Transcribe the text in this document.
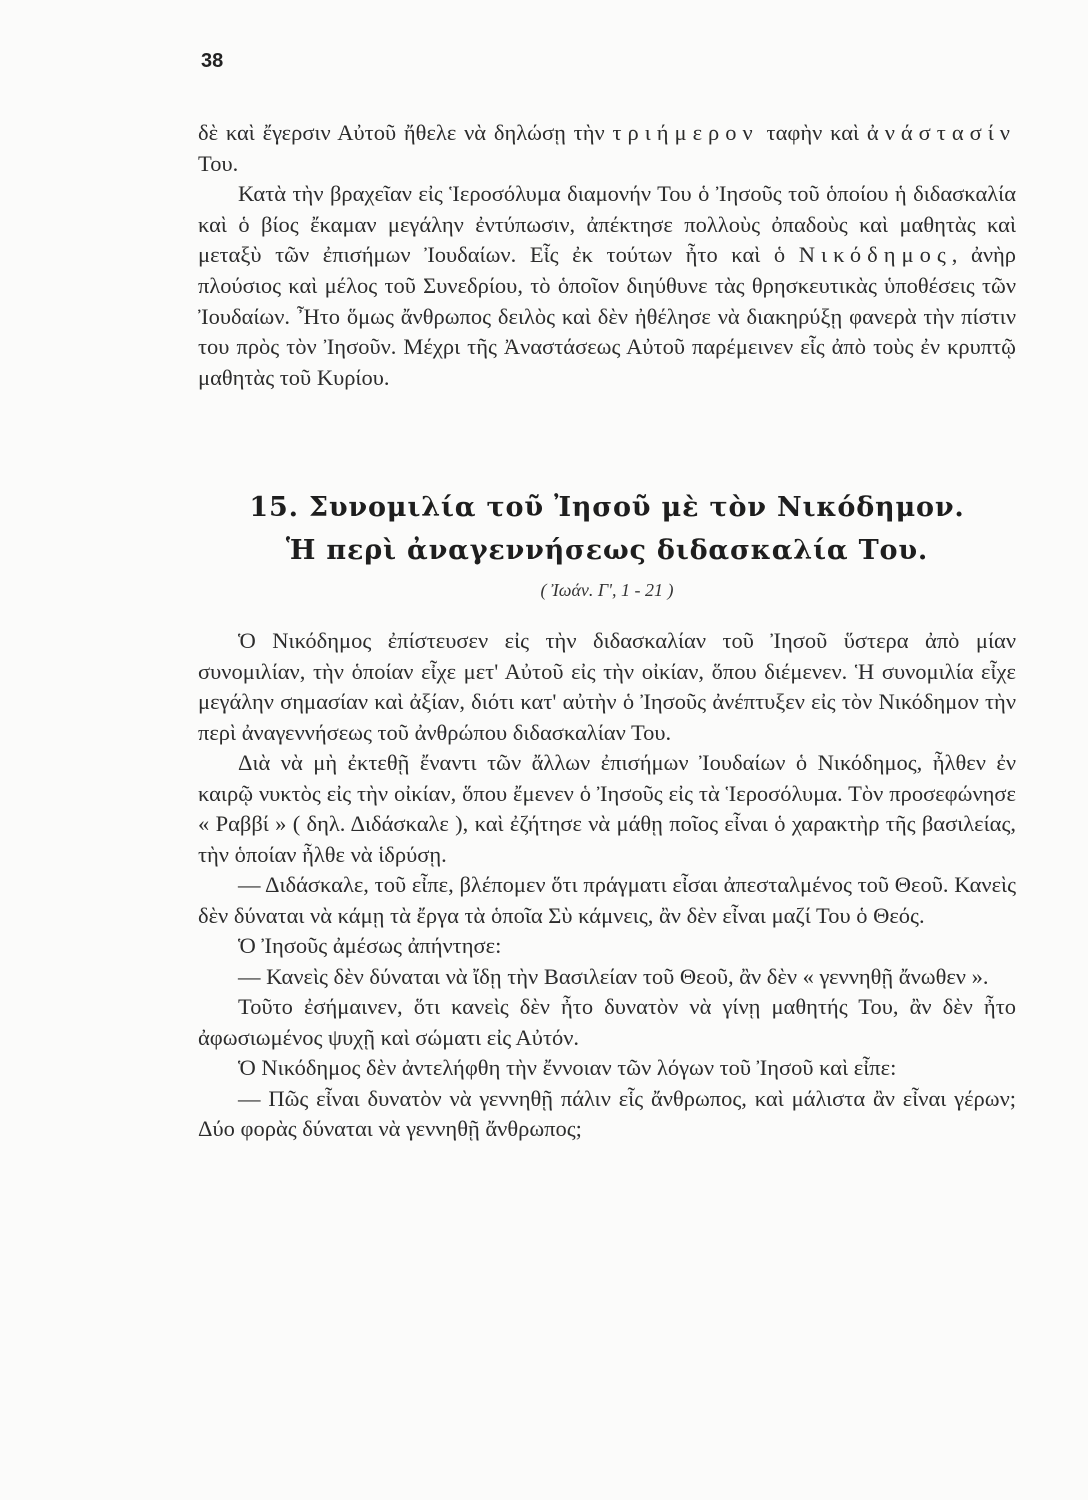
38

δὲ καὶ ἔγερσιν Αὐτοῦ ἤθελε νὰ δηλώσῃ τὴν τριήμερον ταφὴν καὶ ἀνάστασίν Του.

Κατὰ τὴν βραχεῖαν εἰς Ἱεροσόλυμα διαμονήν Του ὁ Ἰησοῦς τοῦ ὁποίου ἡ διδασκαλία καὶ ὁ βίος ἔκαμαν μεγάλην ἐντύπωσιν, ἀπέκτησε πολλοὺς ὀπαδοὺς καὶ μαθητὰς καὶ μεταξὺ τῶν ἐπισήμων Ἰουδαίων. Εἷς ἐκ τούτων ἦτο καὶ ὁ Νικόδημος, ἀνὴρ πλούσιος καὶ μέλος τοῦ Συνεδρίου, τὸ ὁποῖον διηύθυνε τὰς θρησκευτικὰς ὑποθέσεις τῶν Ἰουδαίων. Ἦτο ὅμως ἄνθρωπος δειλὸς καὶ δὲν ἠθέλησε νὰ διακηρύξῃ φανερὰ τὴν πίστιν του πρὸς τὸν Ἰησοῦν. Μέχρι τῆς Ἀναστάσεως Αὐτοῦ παρέμεινεν εἷς ἀπὸ τοὺς ἐν κρυπτῷ μαθητὰς τοῦ Κυρίου.

15. Συνομιλία τοῦ Ἰησοῦ μὲ τὸν Νικόδημον.
Ἡ περὶ ἀναγεννήσεως διδασκαλία Του.
( Ἰωάν. Γ', 1 - 21 )

Ὁ Νικόδημος ἐπίστευσεν εἰς τὴν διδασκαλίαν τοῦ Ἰησοῦ ὕστερα ἀπὸ μίαν συνομιλίαν, τὴν ὁποίαν εἶχε μετ' Αὐτοῦ εἰς τὴν οἰκίαν, ὅπου διέμενεν. Ἡ συνομιλία εἶχε μεγάλην σημασίαν καὶ ἀξίαν, διότι κατ' αὐτὴν ὁ Ἰησοῦς ἀνέπτυξεν εἰς τὸν Νικόδημον τὴν περὶ ἀναγεννήσεως τοῦ ἀνθρώπου διδασκαλίαν Του.

Διὰ νὰ μὴ ἐκτεθῇ ἔναντι τῶν ἄλλων ἐπισήμων Ἰουδαίων ὁ Νικόδημος, ἦλθεν ἐν καιρῷ νυκτὸς εἰς τὴν οἰκίαν, ὅπου ἔμενεν ὁ Ἰησοῦς εἰς τὰ Ἱεροσόλυμα. Τὸν προσεφώνησε « Ραββί » ( δηλ. Διδάσκαλε ), καὶ ἐζήτησε νὰ μάθῃ ποῖος εἶναι ὁ χαρακτὴρ τῆς βασιλείας, τὴν ὁποίαν ἦλθε νὰ ἱδρύσῃ.

— Διδάσκαλε, τοῦ εἶπε, βλέπομεν ὅτι πράγματι εἶσαι ἀπεσταλμένος τοῦ Θεοῦ. Κανεὶς δὲν δύναται νὰ κάμῃ τὰ ἔργα τὰ ὁποῖα Σὺ κάμνεις, ἂν δὲν εἶναι μαζί Του ὁ Θεός.

Ὁ Ἰησοῦς ἀμέσως ἀπήντησε:

— Κανεὶς δὲν δύναται νὰ ἴδῃ τὴν Βασιλείαν τοῦ Θεοῦ, ἂν δὲν « γεννηθῇ ἄνωθεν ».

Τοῦτο ἐσήμαινεν, ὅτι κανεὶς δὲν ἦτο δυνατὸν νὰ γίνῃ μαθητής Του, ἂν δὲν ἦτο ἀφωσιωμένος ψυχῇ καὶ σώματι εἰς Αὐτόν.

Ὁ Νικόδημος δὲν ἀντελήφθη τὴν ἔννοιαν τῶν λόγων τοῦ Ἰησοῦ καὶ εἶπε:

— Πῶς εἶναι δυνατὸν νὰ γεννηθῇ πάλιν εἷς ἄνθρωπος, καὶ μάλιστα ἂν εἶναι γέρων; Δύο φορὰς δύναται νὰ γεννηθῇ ἄνθρωπος;
